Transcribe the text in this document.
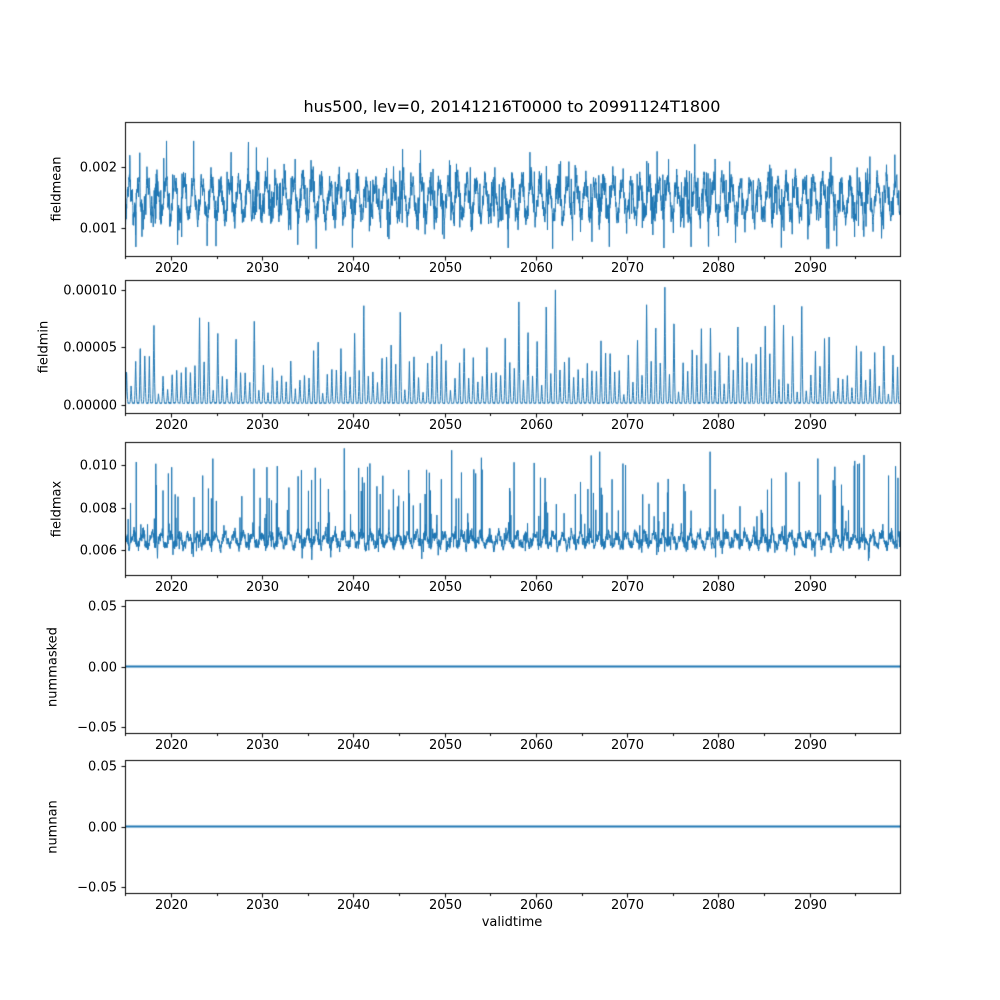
hus500, lev=0, 20141216T0000 to 20991124T1800
fieldmean
fieldmin
fieldmax
nummasked
numnan
validtime
2020	2030	2040	2050	2060	2070	2080	2090
0.001
0.002
2020	2030	2040	2050	2060	2070	2080	2090
0.00000
0.00005
0.00010
2020	2030	2040	2050	2060	2070	2080	2090
0.006
0.008
0.010
2020	2030	2040	2050	2060	2070	2080	2090
−0.05
0.00
0.05
2020	2030	2040	2050	2060	2070	2080	2090
−0.05
0.00
0.05
